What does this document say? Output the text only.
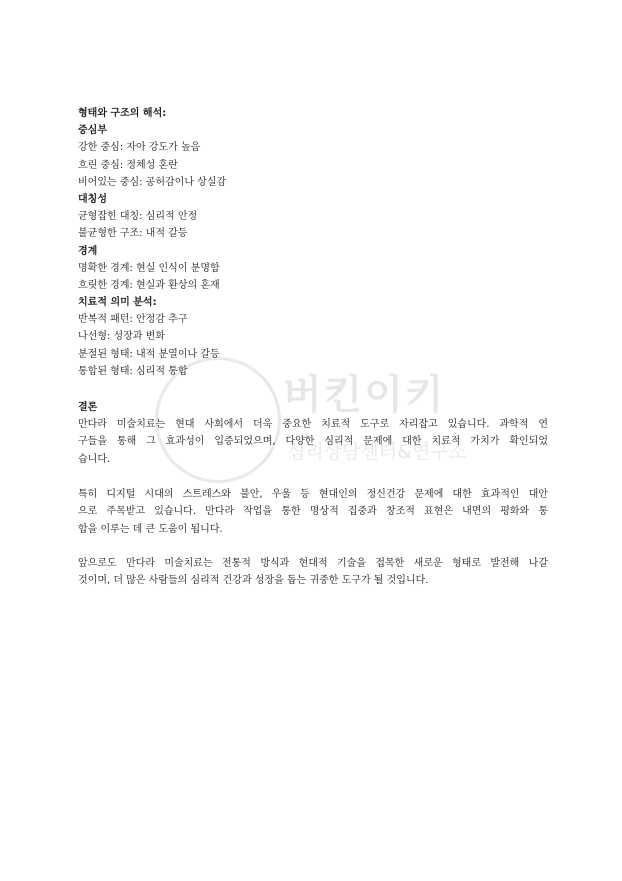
버킨이키
심리상담센터&연구소
형태와 구조의 해석:
중심부
강한 중심: 자아 강도가 높음
흐린 중심: 정체성 혼란
비어있는 중심: 공허감이나 상실감
대칭성
균형잡힌 대칭: 심리적 안정
불균형한 구조: 내적 갈등
경계
명확한 경계: 현실 인식이 분명함
흐릿한 경계: 현실과 환상의 혼재
치료적 의미 분석:
반복적 패턴: 안정감 추구
나선형: 성장과 변화
분절된 형태: 내적 분열이나 갈등
통합된 형태: 심리적 통합
결론
만다라 미술치료는 현대 사회에서 더욱 중요한 치료적 도구로 자리잡고 있습니다. 과학적 연
구들을 통해 그 효과성이 입증되었으며, 다양한 심리적 문제에 대한 치료적 가치가 확인되었
습니다.
특히 디지털 시대의 스트레스와 불안, 우울 등 현대인의 정신건강 문제에 대한 효과적인 대안
으로 주목받고 있습니다. 만다라 작업을 통한 명상적 집중과 창조적 표현은 내면의 평화와 통
합을 이루는 데 큰 도움이 됩니다.
앞으로도 만다라 미술치료는 전통적 방식과 현대적 기술을 접목한 새로운 형태로 발전해 나갈
것이며, 더 많은 사람들의 심리적 건강과 성장을 돕는 귀중한 도구가 될 것입니다.
